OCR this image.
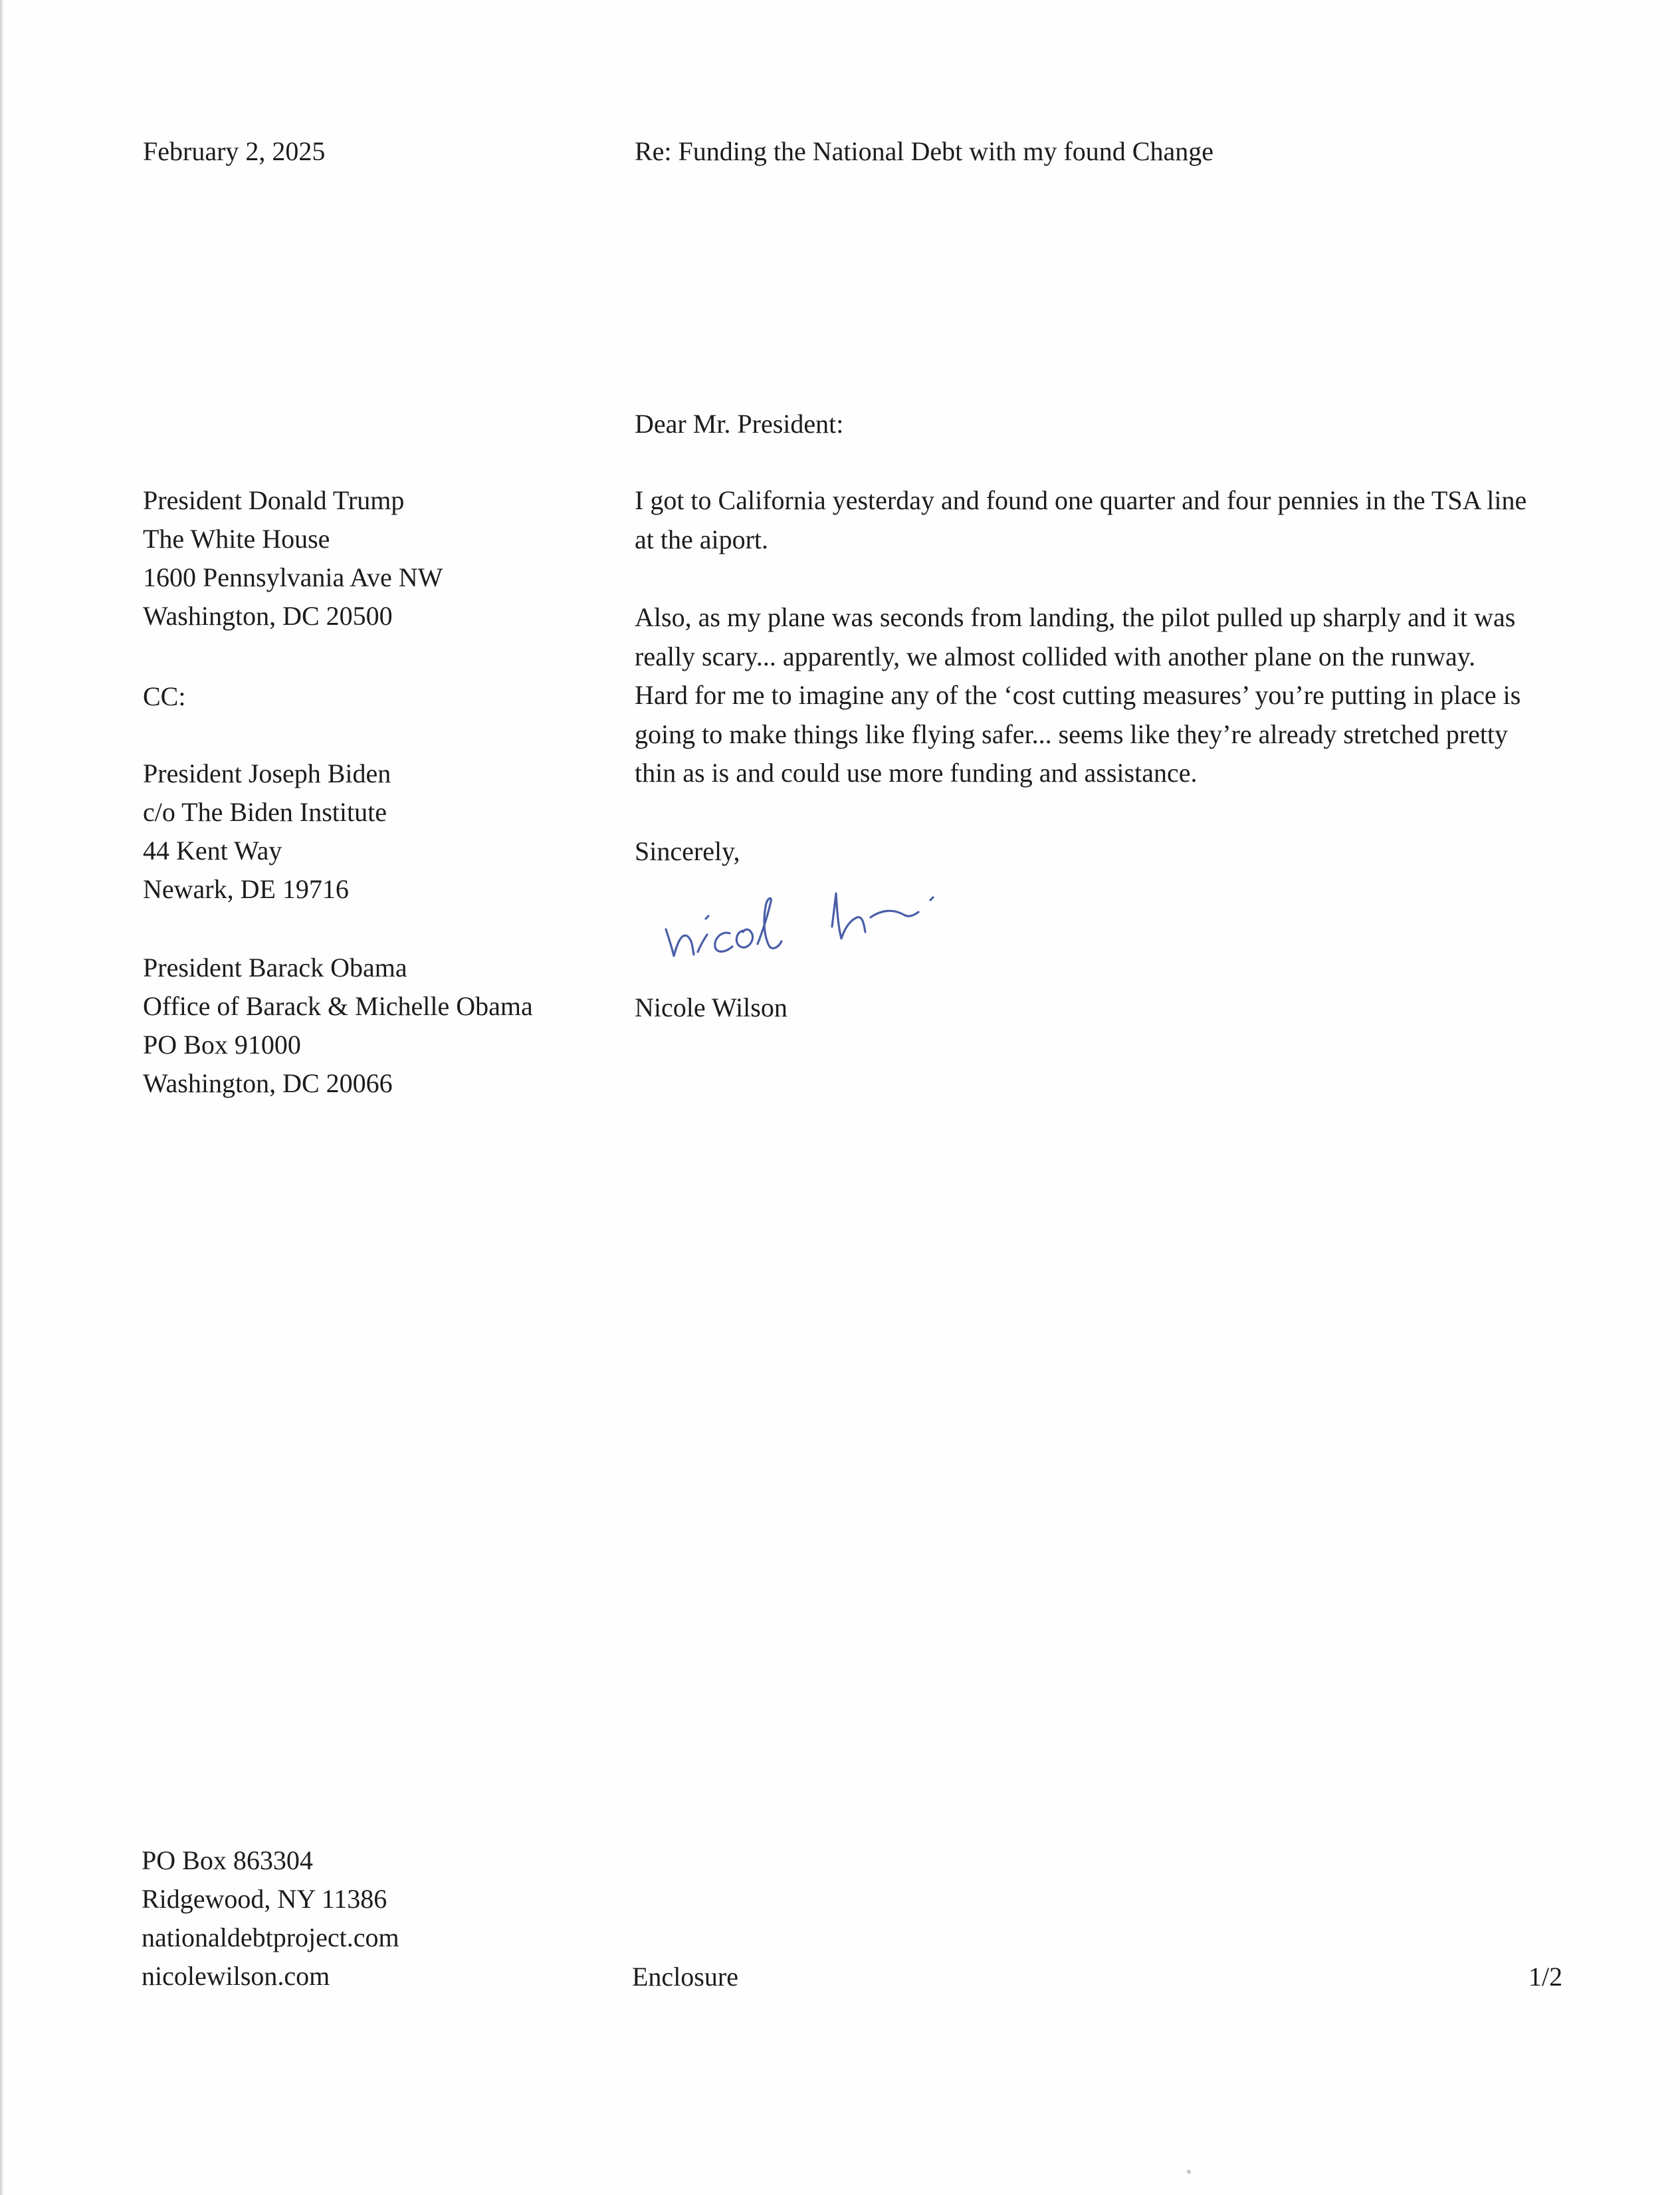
February 2, 2025	Re: Funding the National Debt with my found Change

Dear Mr. President:

President Donald Trump
The White House
1600 Pennsylvania Ave NW
Washington, DC 20500

CC:

President Joseph Biden
c/o The Biden Institute
44 Kent Way
Newark, DE 19716
President Barack Obama
Office of Barack & Michelle Obama
PO Box 91000
Washington, DC 20066
I got to California yesterday and found one quarter and four pennies in the TSA line
at the aiport.
Also, as my plane was seconds from landing, the pilot pulled up sharply and it was
really scary... apparently, we almost collided with another plane on the runway.
Hard for me to imagine any of the ‘cost cutting measures’ you’re putting in place is
going to make things like flying safer... seems like they’re already stretched pretty
thin as is and could use more funding and assistance.

Sincerely,

Nicole Wilson

PO Box 863304
Ridgewood, NY 11386
nationaldebtproject.com
nicolewilson.com	Enclosure	1/2
